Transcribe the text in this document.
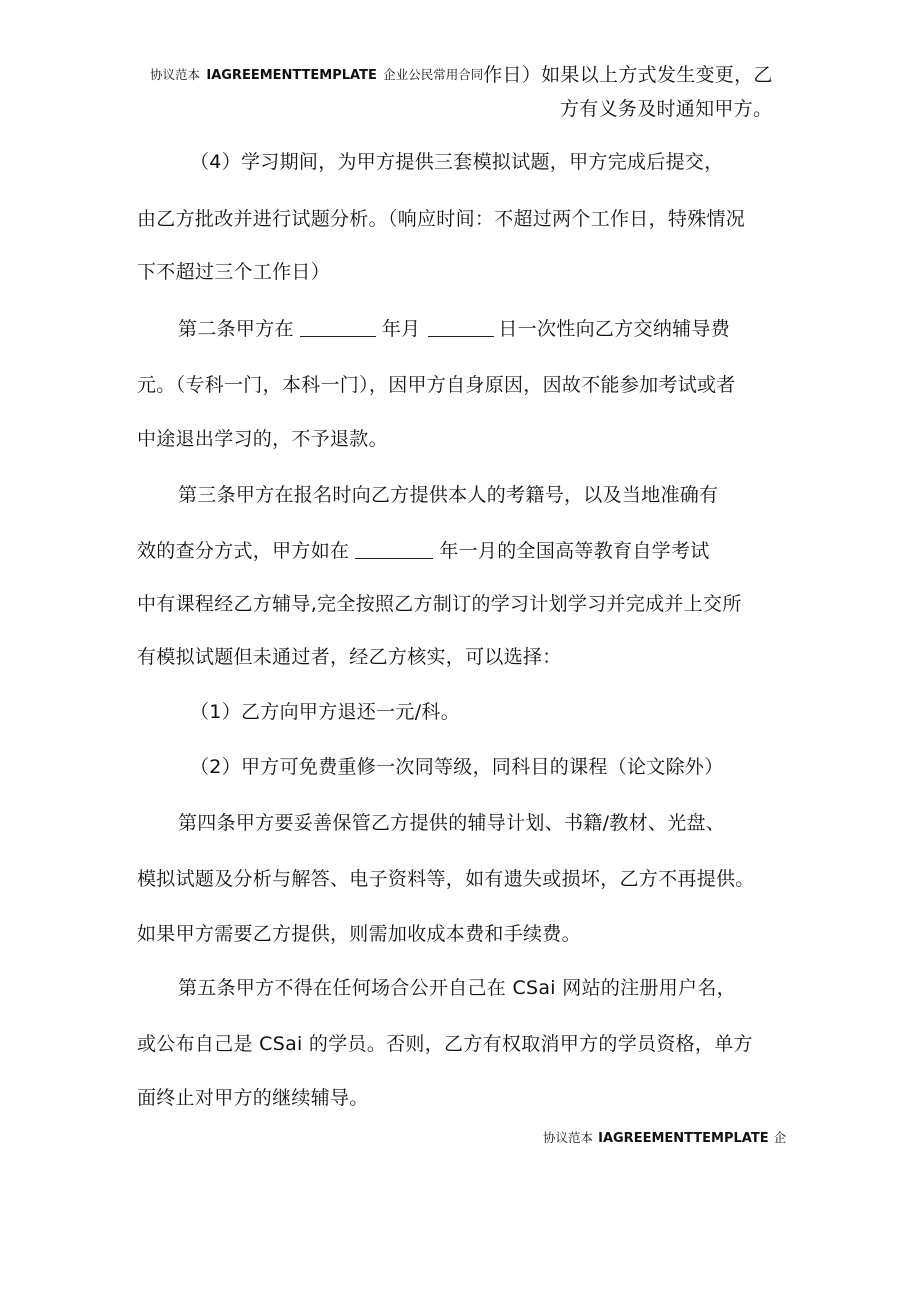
协议范本 IAGREEMENTTEMPLATE 企业公民常用合同作日）如果以上方式发生变更，乙
方有义务及时通知甲方。
（4）学习期间，为甲方提供三套模拟试题，甲方完成后提交，
由乙方批改并进行试题分析。（响应时间：不超过两个工作日，特殊情况
下不超过三个工作日）
第二条甲方在	年月	日一次性向乙方交纳辅导费
元。（专科一门，本科一门），因甲方自身原因，因故不能参加考试或者
中途退出学习的，不予退款。
第三条甲方在报名时向乙方提供本人的考籍号，以及当地准确有
效的查分方式，甲方如在	年一月的全国高等教育自学考试
中有课程经乙方辅导,完全按照乙方制订的学习计划学习并完成并上交所
有模拟试题但未通过者，经乙方核实，可以选择：
（1）乙方向甲方退还一元/科。
（2）甲方可免费重修一次同等级，同科目的课程（论文除外）
第四条甲方要妥善保管乙方提供的辅导计划、书籍/教材、光盘、
模拟试题及分析与解答、电子资料等，如有遗失或损坏，乙方不再提供。
如果甲方需要乙方提供，则需加收成本费和手续费。
第五条甲方不得在任何场合公开自己在 CSai 网站的注册用户名，
或公布自己是 CSai 的学员。否则，乙方有权取消甲方的学员资格，单方
面终止对甲方的继续辅导。
协议范本 IAGREEMENTTEMPLATE 企
